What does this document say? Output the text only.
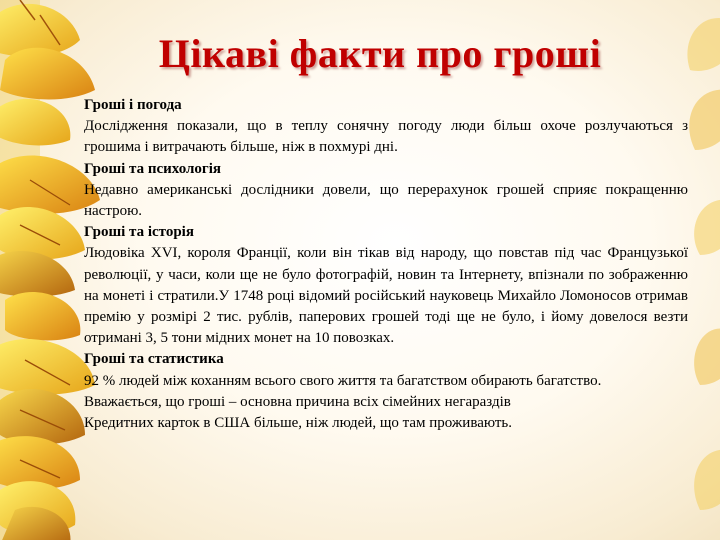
Цікаві факти про гроші

Гроші і погода

Дослідження показали, що в теплу сонячну погоду люди більш охоче розлучаються з грошима і витрачають більше, ніж в похмурі дні.

Гроші та психологія

Недавно американські дослідники довели, що перерахунок грошей сприяє покращенню настрою.

Гроші та історія

Людовіка XVI, короля Франції, коли він тікав від народу, що повстав під час Французької революції, у часи, коли ще не було фотографій, новин та Інтернету, впізнали по зображенню на монеті і стратили.У 1748 році відомий російський науковець Михайло Ломоносов отримав премію у розмірі 2 тис. рублів, паперових грошей тоді ще не було, і йому довелося везти отримані 3, 5 тони мідних монет на 10 повозках.

Гроші та статистика

92 % людей між коханням всього свого життя та багатством обирають багатство.

Вважається, що гроші – основна причина всіх сімейних негараздів

Кредитних карток в США більше, ніж людей, що там проживають.
